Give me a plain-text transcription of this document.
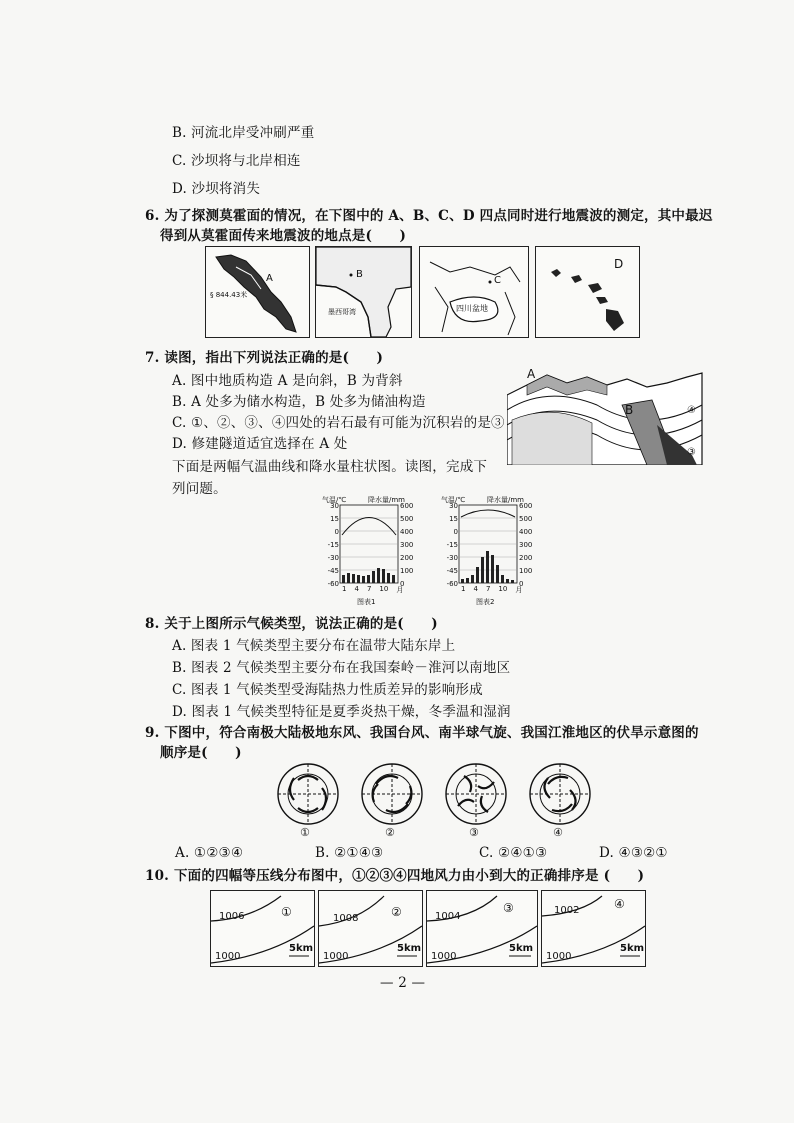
B. 河流北岸受冲刷严重
C. 沙坝将与北岸相连
D. 沙坝将消失
6. 为了探测莫霍面的情况，在下图中的 A、B、C、D 四点同时进行地震波的测定，其中最迟
得到从莫霍面传来地震波的地点是(　　)
A
§ 844.43米
B
墨西哥湾
C
四川盆地
D
7. 读图，指出下列说法正确的是(　　)
A. 图中地质构造 A 是向斜，B 为背斜
B. A 处多为储水构造，B 处多为储油构造
C. ①、②、③、④四处的岩石最有可能为沉积岩的是③
D. 修建隧道适宜选择在 A 处
A
B	④
③
下面是两幅气温曲线和降水量柱状图。读图，完成下
列问题。
气温/℃	降水量/mm
30
15
0
-15
-30
-45
-60
600
500
400
300
200
100
0
1 4 7 10 月
图表1
气温/℃	降水量/mm
30
15
0
-15
-30
-45
-60
600
500
400
300
200
100
0
1 4 7 10 月
图表2
8. 关于上图所示气候类型，说法正确的是(　　)
A. 图表 1 气候类型主要分布在温带大陆东岸上
B. 图表 2 气候类型主要分布在我国秦岭－淮河以南地区
C. 图表 1 气候类型受海陆热力性质差异的影响形成
D. 图表 1 气候类型特征是夏季炎热干燥，冬季温和湿润
9. 下图中，符合南极大陆极地东风、我国台风、南半球气旋、我国江淮地区的伏旱示意图的
顺序是(　　)
①	②	③	④
A. ①②③④	B. ②①④③	C. ②④①③	D. ④③②①
10. 下面的四幅等压线分布图中，①②③④四地风力由小到大的正确排序是 (　　)
1006
1000
①
5km
1008
1000
②
5km
1004
1000
③
5km
1002
1000
④
5km
— 2 —
